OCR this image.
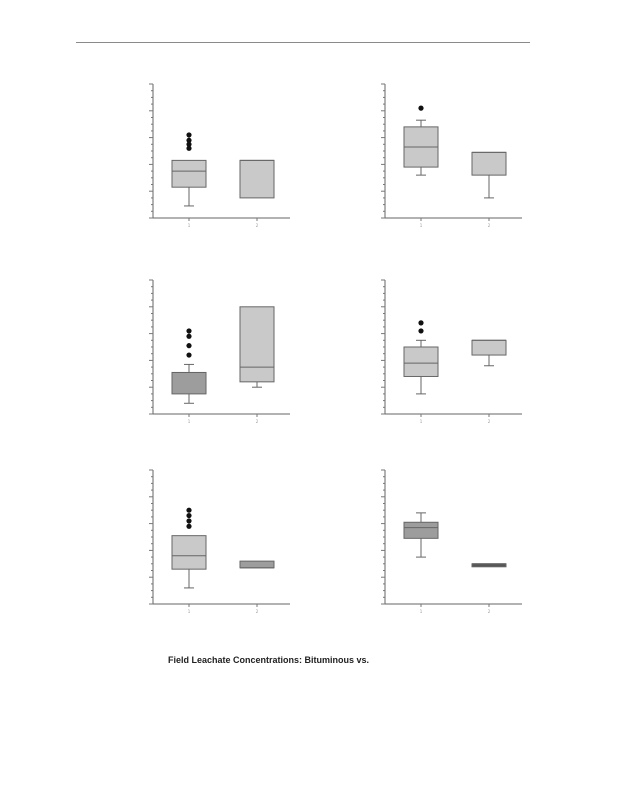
1	2	1	2
1	2	1	2
1	2	1	2
Field Leachate Concentrations: Bituminous vs.
